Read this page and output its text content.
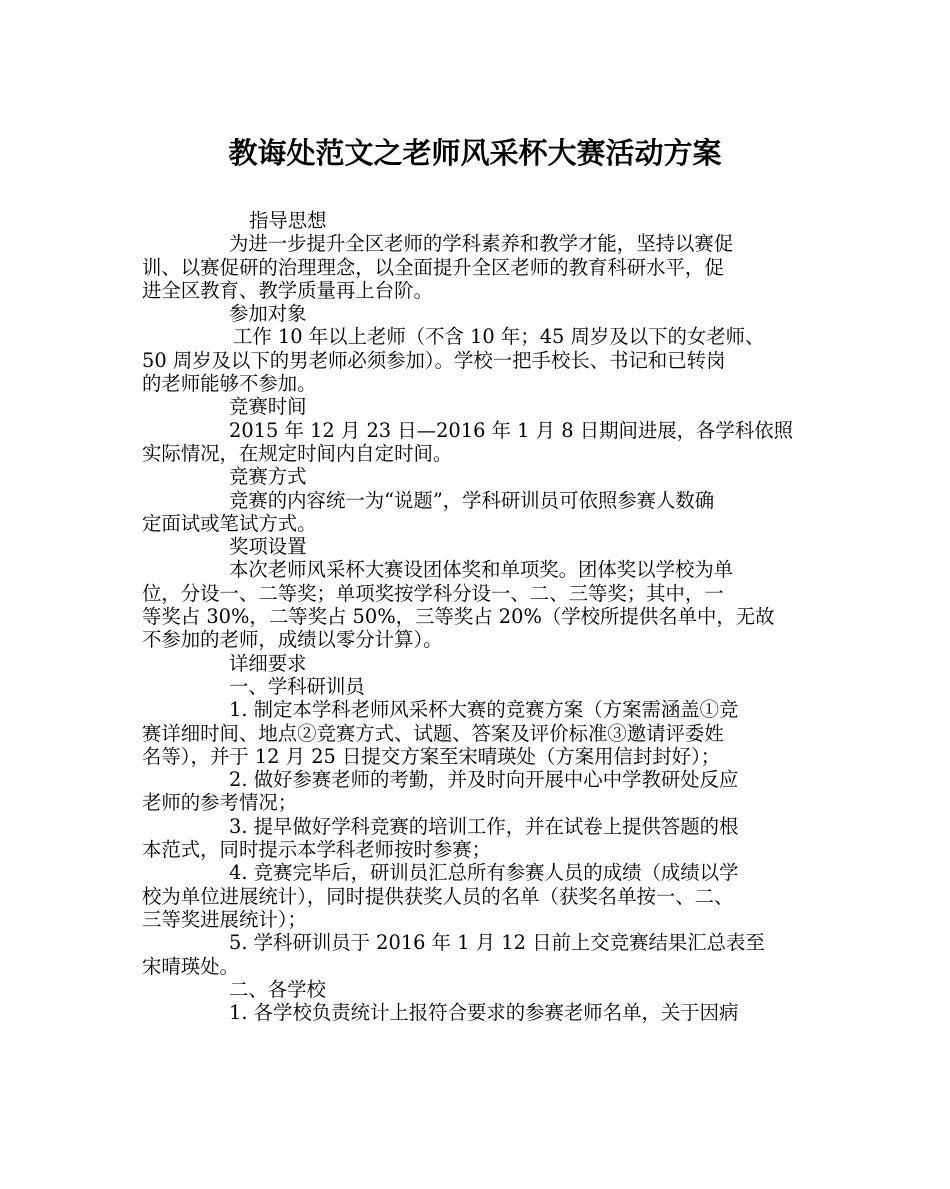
教诲处范文之老师风采杯大赛活动方案
指导思想
为进一步提升全区老师的学科素养和教学才能，坚持以赛促
训、以赛促研的治理理念，以全面提升全区老师的教育科研水平，促
进全区教育、教学质量再上台阶。
参加对象
工作 10 年以上老师（不含 10 年；45 周岁及以下的女老师、
50 周岁及以下的男老师必须参加）。学校一把手校长、书记和已转岗
的老师能够不参加。
竞赛时间
2015 年 12 月 23 日—2016 年 1 月 8 日期间进展，各学科依照
实际情况，在规定时间内自定时间。
竞赛方式
竞赛的内容统一为“说题”，学科研训员可依照参赛人数确
定面试或笔试方式。
奖项设置
本次老师风采杯大赛设团体奖和单项奖。团体奖以学校为单
位，分设一、二等奖；单项奖按学科分设一、二、三等奖；其中，一
等奖占 30%，二等奖占 50%，三等奖占 20%（学校所提供名单中，无故
不参加的老师，成绩以零分计算）。
详细要求
一、学科研训员
1. 制定本学科老师风采杯大赛的竞赛方案（方案需涵盖①竞
赛详细时间、地点②竞赛方式、试题、答案及评价标准③邀请评委姓
名等），并于 12 月 25 日提交方案至宋晴瑛处（方案用信封封好）；
2. 做好参赛老师的考勤，并及时向开展中心中学教研处反应
老师的参考情况；
3. 提早做好学科竞赛的培训工作，并在试卷上提供答题的根
本范式，同时提示本学科老师按时参赛；
4. 竞赛完毕后，研训员汇总所有参赛人员的成绩（成绩以学
校为单位进展统计），同时提供获奖人员的名单（获奖名单按一、二、
三等奖进展统计）；
5. 学科研训员于 2016 年 1 月 12 日前上交竞赛结果汇总表至
宋晴瑛处。
二、各学校
1. 各学校负责统计上报符合要求的参赛老师名单，关于因病
